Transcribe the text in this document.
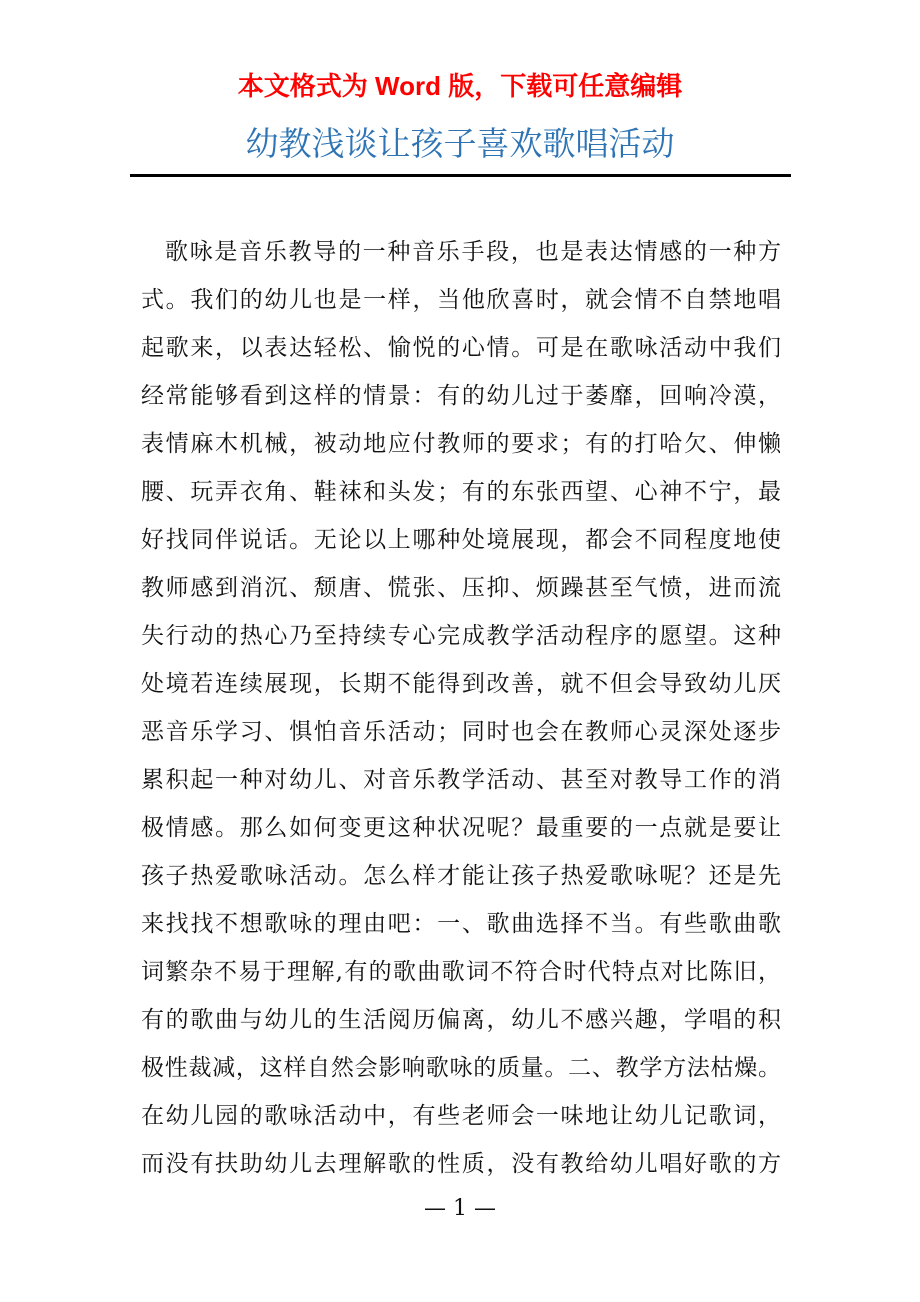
本文格式为 Word 版，下载可任意编辑
幼教浅谈让孩子喜欢歌唱活动
歌咏是音乐教导的一种音乐手段，也是表达情感的一种方
式。我们的幼儿也是一样，当他欣喜时，就会情不自禁地唱
起歌来，以表达轻松、愉悦的心情。可是在歌咏活动中我们
经常能够看到这样的情景：有的幼儿过于萎靡，回响冷漠，
表情麻木机械，被动地应付教师的要求；有的打哈欠、伸懒
腰、玩弄衣角、鞋袜和头发；有的东张西望、心神不宁，最
好找同伴说话。无论以上哪种处境展现，都会不同程度地使
教师感到消沉、颓唐、慌张、压抑、烦躁甚至气愤，进而流
失行动的热心乃至持续专心完成教学活动程序的愿望。这种
处境若连续展现，长期不能得到改善，就不但会导致幼儿厌
恶音乐学习、惧怕音乐活动；同时也会在教师心灵深处逐步
累积起一种对幼儿、对音乐教学活动、甚至对教导工作的消
极情感。那么如何变更这种状况呢？最重要的一点就是要让
孩子热爱歌咏活动。怎么样才能让孩子热爱歌咏呢？还是先
来找找不想歌咏的理由吧：一、歌曲选择不当。有些歌曲歌
词繁杂不易于理解,有的歌曲歌词不符合时代特点对比陈旧，
有的歌曲与幼儿的生活阅历偏离，幼儿不感兴趣，学唱的积
极性裁减，这样自然会影响歌咏的质量。二、教学方法枯燥。
在幼儿园的歌咏活动中，有些老师会一味地让幼儿记歌词，
而没有扶助幼儿去理解歌的性质，没有教给幼儿唱好歌的方
— 1 —
